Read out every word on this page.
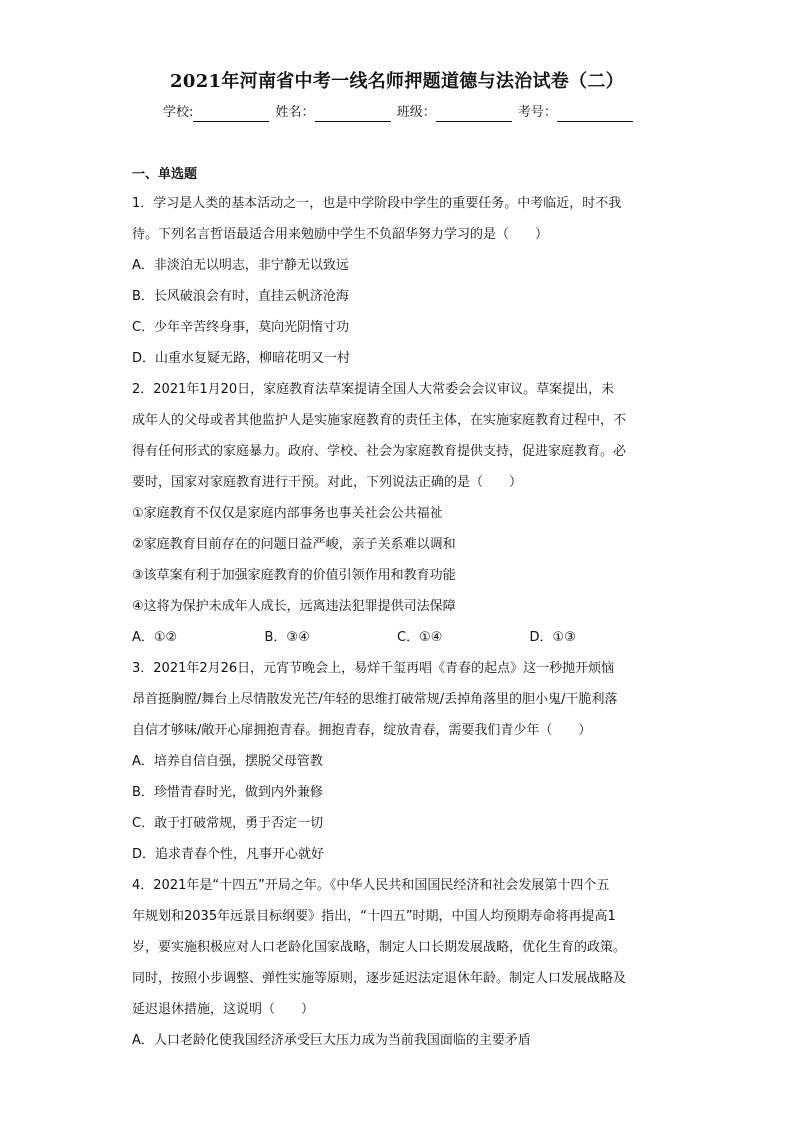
2021年河南省中考一线名师押题道德与法治试卷（二）
学校:	姓名：	班级：	考号：
一、单选题
1．学习是人类的基本活动之一，也是中学阶段中学生的重要任务。中考临近，时不我
待。下列名言哲语最适合用来勉励中学生不负韶华努力学习的是（　　）
A．非淡泊无以明志，非宁静无以致远
B．长风破浪会有时，直挂云帆济沧海
C．少年辛苦终身事，莫向光阴惰寸功
D．山重水复疑无路，柳暗花明又一村
2．2021年1月20日，家庭教育法草案提请全国人大常委会会议审议。草案提出，未
成年人的父母或者其他监护人是实施家庭教育的责任主体，在实施家庭教育过程中，不
得有任何形式的家庭暴力。政府、学校、社会为家庭教育提供支持，促进家庭教育。必
要时，国家对家庭教育进行干预。对此，下列说法正确的是（　　）
①家庭教育不仅仅是家庭内部事务也事关社会公共福祉
②家庭教育目前存在的问题日益严峻，亲子关系难以调和
③该草案有利于加强家庭教育的价值引领作用和教育功能
④这将为保护未成年人成长，远离违法犯罪提供司法保障
A．①②	B．③④	C．①④	D．①③
3．2021年2月26日，元宵节晚会上，易烊千玺再唱《青春的起点》这一秒抛开烦恼
昂首挺胸膛/舞台上尽情散发光芒/年轻的思维打破常规/丢掉角落里的胆小鬼/干脆利落
自信才够味/敞开心扉拥抱青春。拥抱青春，绽放青春，需要我们青少年（　　）
A．培养自信自强，摆脱父母管教
B．珍惜青春时光，做到内外兼修
C．敢于打破常规，勇于否定一切
D．追求青春个性，凡事开心就好
4．2021年是“十四五”开局之年。《中华人民共和国国民经济和社会发展第十四个五
年规划和2035年远景目标纲要》指出，“十四五”时期，中国人均预期寿命将再提高1
岁，要实施积极应对人口老龄化国家战略，制定人口长期发展战略，优化生育的政策。
同时，按照小步调整、弹性实施等原则，逐步延迟法定退休年龄。制定人口发展战略及
延迟退休措施，这说明（　　）
A．人口老龄化使我国经济承受巨大压力成为当前我国面临的主要矛盾
